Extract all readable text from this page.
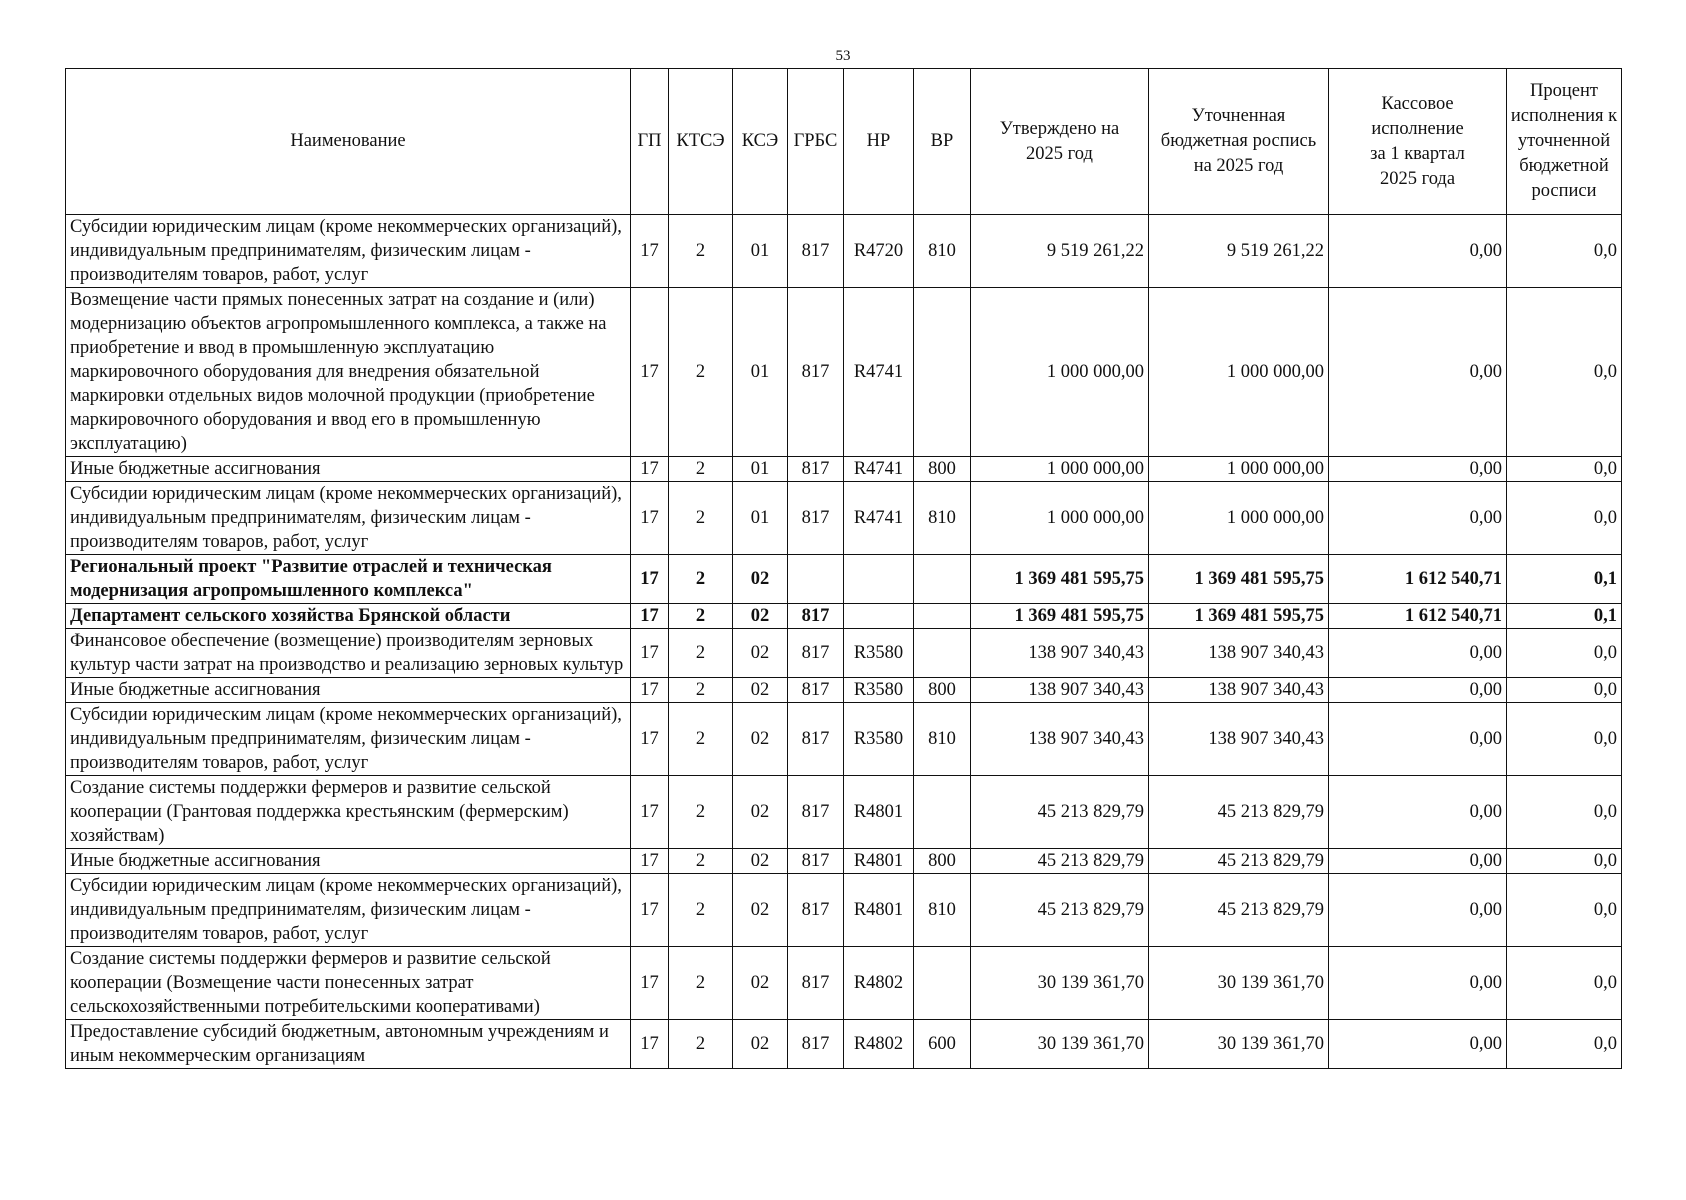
53
Наименование	ГП	КТСЭ	КСЭ	ГРБС	НР	ВР	Утверждено на 2025 год	Уточненная бюджетная роспись на 2025 год	Кассовое исполнение за 1 квартал 2025 года	Процент исполнения к уточненной бюджетной росписи
Субсидии юридическим лицам (кроме некоммерческих организаций), индивидуальным предпринимателям, физическим лицам - производителям товаров, работ, услуг	17	2	01	817	R4720	810	9 519 261,22	9 519 261,22	0,00	0,0
Возмещение части прямых понесенных затрат на создание и (или) модернизацию объектов агропромышленного комплекса, а также на приобретение и ввод в промышленную эксплуатацию маркировочного оборудования для внедрения обязательной маркировки отдельных видов молочной продукции (приобретение маркировочного оборудования и ввод его в промышленную эксплуатацию)	17	2	01	817	R4741		1 000 000,00	1 000 000,00	0,00	0,0
Иные бюджетные ассигнования	17	2	01	817	R4741	800	1 000 000,00	1 000 000,00	0,00	0,0
Субсидии юридическим лицам (кроме некоммерческих организаций), индивидуальным предпринимателям, физическим лицам - производителям товаров, работ, услуг	17	2	01	817	R4741	810	1 000 000,00	1 000 000,00	0,00	0,0
Региональный проект "Развитие отраслей и техническая модернизация агропромышленного комплекса"	17	2	02				1 369 481 595,75	1 369 481 595,75	1 612 540,71	0,1
Департамент сельского хозяйства Брянской области	17	2	02	817			1 369 481 595,75	1 369 481 595,75	1 612 540,71	0,1
Финансовое обеспечение (возмещение) производителям зерновых культур части затрат на производство и реализацию зерновых культур	17	2	02	817	R3580		138 907 340,43	138 907 340,43	0,00	0,0
Иные бюджетные ассигнования	17	2	02	817	R3580	800	138 907 340,43	138 907 340,43	0,00	0,0
Субсидии юридическим лицам (кроме некоммерческих организаций), индивидуальным предпринимателям, физическим лицам - производителям товаров, работ, услуг	17	2	02	817	R3580	810	138 907 340,43	138 907 340,43	0,00	0,0
Создание системы поддержки фермеров и развитие сельской кооперации (Грантовая поддержка крестьянским (фермерским) хозяйствам)	17	2	02	817	R4801		45 213 829,79	45 213 829,79	0,00	0,0
Иные бюджетные ассигнования	17	2	02	817	R4801	800	45 213 829,79	45 213 829,79	0,00	0,0
Субсидии юридическим лицам (кроме некоммерческих организаций), индивидуальным предпринимателям, физическим лицам - производителям товаров, работ, услуг	17	2	02	817	R4801	810	45 213 829,79	45 213 829,79	0,00	0,0
Создание системы поддержки фермеров и развитие сельской кооперации (Возмещение части понесенных затрат сельскохозяйственными потребительскими кооперативами)	17	2	02	817	R4802		30 139 361,70	30 139 361,70	0,00	0,0
Предоставление субсидий бюджетным, автономным учреждениям и иным некоммерческим организациям	17	2	02	817	R4802	600	30 139 361,70	30 139 361,70	0,00	0,0
